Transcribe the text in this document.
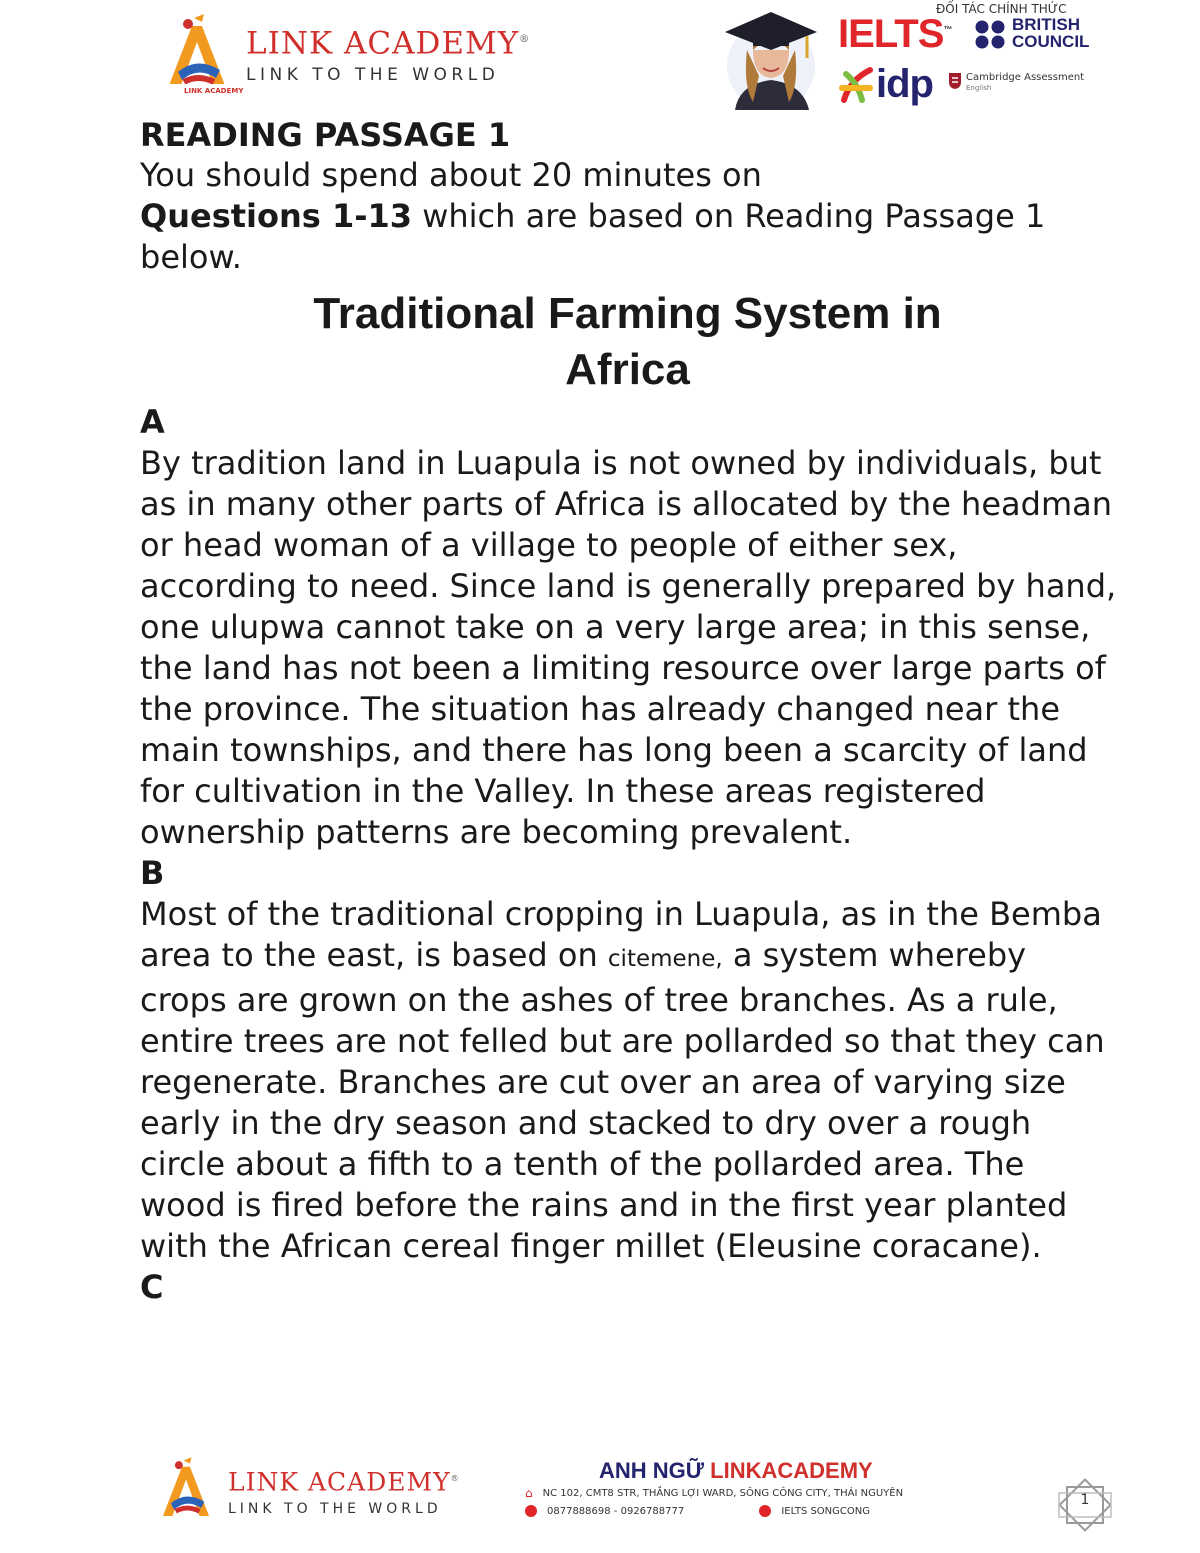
LINK ACADEMY
LINK ACADEMY®
LINK TO THE WORLD
ĐỐI TÁC CHÍNH THỨC
IELTS™	BRITISH
COUNCIL
idp	Cambridge Assessment
English

READING PASSAGE 1

You should spend about 20 minutes on

Questions 1-13 which are based on Reading Passage 1 below.

Traditional Farming System in
Africa

A

By tradition land in Luapula is not owned by individuals, but as in many other parts of Africa is allocated by the headman or head woman of a village to people of either sex, according to need. Since land is generally prepared by hand, one ulupwa cannot take on a very large area; in this sense, the land has not been a limiting resource over large parts of the province. The situation has already changed near the main townships, and there has long been a scarcity of land for cultivation in the Valley. In these areas registered ownership patterns are becoming prevalent.

B

Most of the traditional cropping in Luapula, as in the Bemba area to the east, is based on citemene, a system whereby crops are grown on the ashes of tree branches. As a rule, entire trees are not felled but are pollarded so that they can regenerate. Branches are cut over an area of varying size early in the dry season and stacked to dry over a rough circle about a fifth to a tenth of the pollarded area. The wood is fired before the rains and in the first year planted with the African cereal finger millet (Eleusine coracane).

C

LINK ACADEMY®
LINK TO THE WORLD
ANH NGỮ LINKACADEMY
⌂ NC 102, CMT8 STR, THẮNG LỢI WARD, SÔNG CÔNG CITY, THÁI NGUYÊN
0877888698 - 0926788777	IELTS SONGCONG
1
